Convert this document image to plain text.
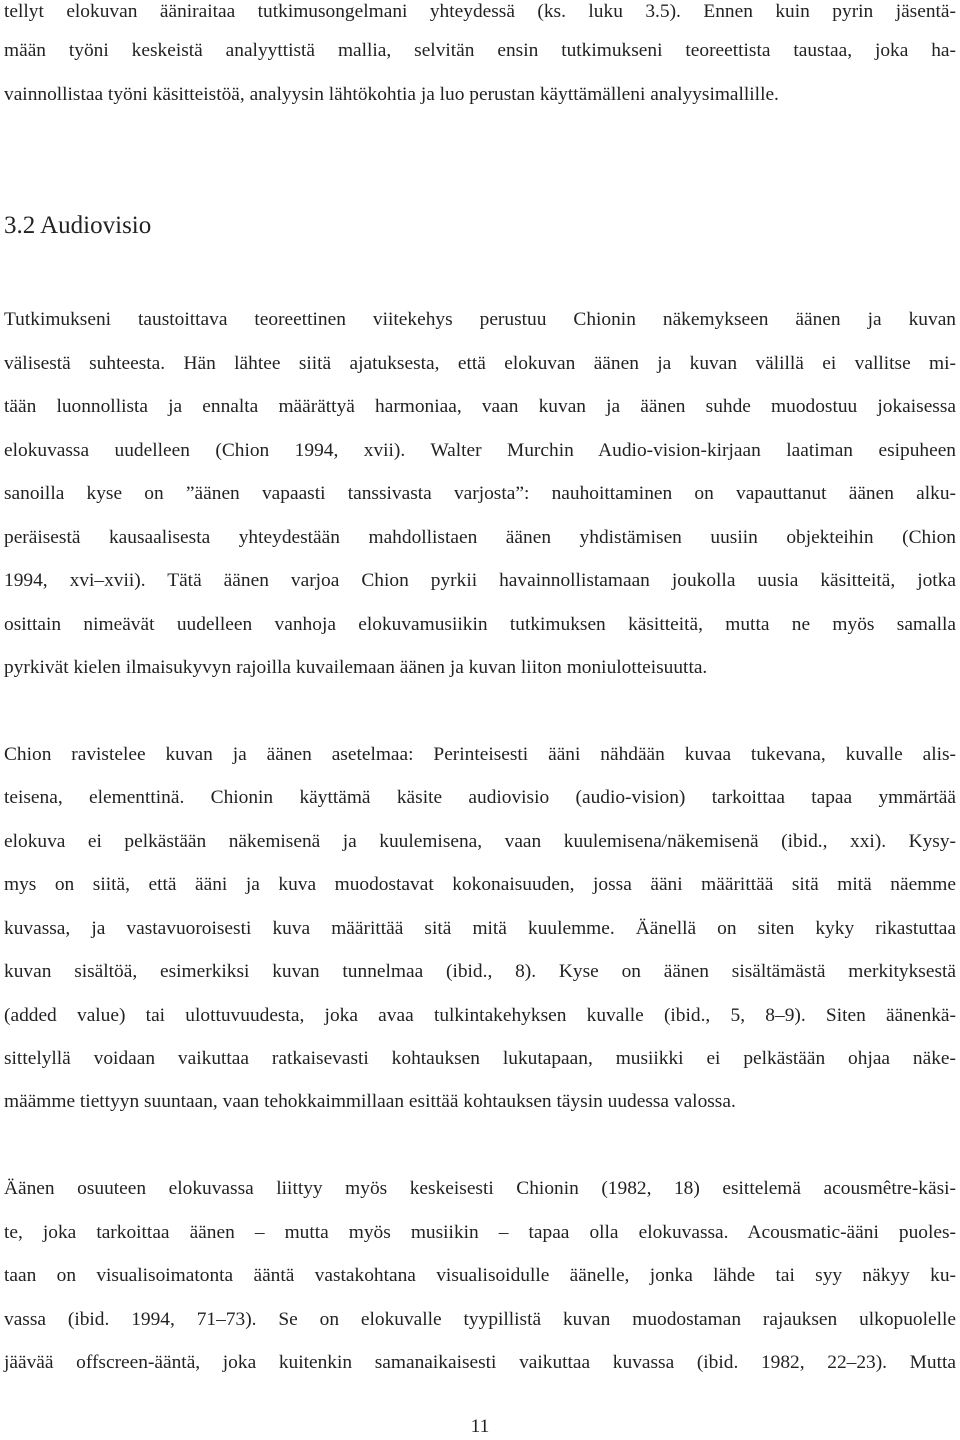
tellyt elokuvan ääniraitaa tutkimusongelmani yhteydessä (ks. luku 3.5). Ennen kuin pyrin jäsentä-

mään työni keskeistä analyyttistä mallia, selvitän ensin tutkimukseni teoreettista taustaa, joka ha-

vainnollistaa työni käsitteistöä, analyysin lähtökohtia ja luo perustan käyttämälleni analyysimallille.

3.2 Audiovisio

Tutkimukseni taustoittava teoreettinen viitekehys perustuu Chionin näkemykseen äänen ja kuvan

välisestä suhteesta. Hän lähtee siitä ajatuksesta, että elokuvan äänen ja kuvan välillä ei vallitse mi-

tään luonnollista ja ennalta määrättyä harmoniaa, vaan kuvan ja äänen suhde muodostuu jokaisessa

elokuvassa uudelleen (Chion 1994, xvii). Walter Murchin Audio-vision-kirjaan laatiman esipuheen

sanoilla kyse on ”äänen vapaasti tanssivasta varjosta”: nauhoittaminen on vapauttanut äänen alku-

peräisestä kausaalisesta yhteydestään mahdollistaen äänen yhdistämisen uusiin objekteihin (Chion

1994, xvi–xvii). Tätä äänen varjoa Chion pyrkii havainnollistamaan joukolla uusia käsitteitä, jotka

osittain nimeävät uudelleen vanhoja elokuvamusiikin tutkimuksen käsitteitä, mutta ne myös samalla

pyrkivät kielen ilmaisukyvyn rajoilla kuvailemaan äänen ja kuvan liiton moniulotteisuutta.

Chion ravistelee kuvan ja äänen asetelmaa: Perinteisesti ääni nähdään kuvaa tukevana, kuvalle alis-

teisena, elementtinä. Chionin käyttämä käsite audiovisio (audio-vision) tarkoittaa tapaa ymmärtää

elokuva ei pelkästään näkemisenä ja kuulemisena, vaan kuulemisena/näkemisenä (ibid., xxi). Kysy-

mys on siitä, että ääni ja kuva muodostavat kokonaisuuden, jossa ääni määrittää sitä mitä näemme

kuvassa, ja vastavuoroisesti kuva määrittää sitä mitä kuulemme. Äänellä on siten kyky rikastuttaa

kuvan sisältöä, esimerkiksi kuvan tunnelmaa (ibid., 8). Kyse on äänen sisältämästä merkityksestä

(added value) tai ulottuvuudesta, joka avaa tulkintakehyksen kuvalle (ibid., 5, 8–9). Siten äänenkä-

sittelyllä voidaan vaikuttaa ratkaisevasti kohtauksen lukutapaan, musiikki ei pelkästään ohjaa näke-

määmme tiettyyn suuntaan, vaan tehokkaimmillaan esittää kohtauksen täysin uudessa valossa.

Äänen osuuteen elokuvassa liittyy myös keskeisesti Chionin (1982, 18) esittelemä acousmêtre-käsi-

te, joka tarkoittaa äänen – mutta myös musiikin – tapaa olla elokuvassa. Acousmatic-ääni puoles-

taan on visualisoimatonta ääntä vastakohtana visualisoidulle äänelle, jonka lähde tai syy näkyy ku-

vassa (ibid. 1994, 71–73). Se on elokuvalle tyypillistä kuvan muodostaman rajauksen ulkopuolelle

jäävää offscreen-ääntä, joka kuitenkin samanaikaisesti vaikuttaa kuvassa (ibid. 1982, 22–23). Mutta

11
